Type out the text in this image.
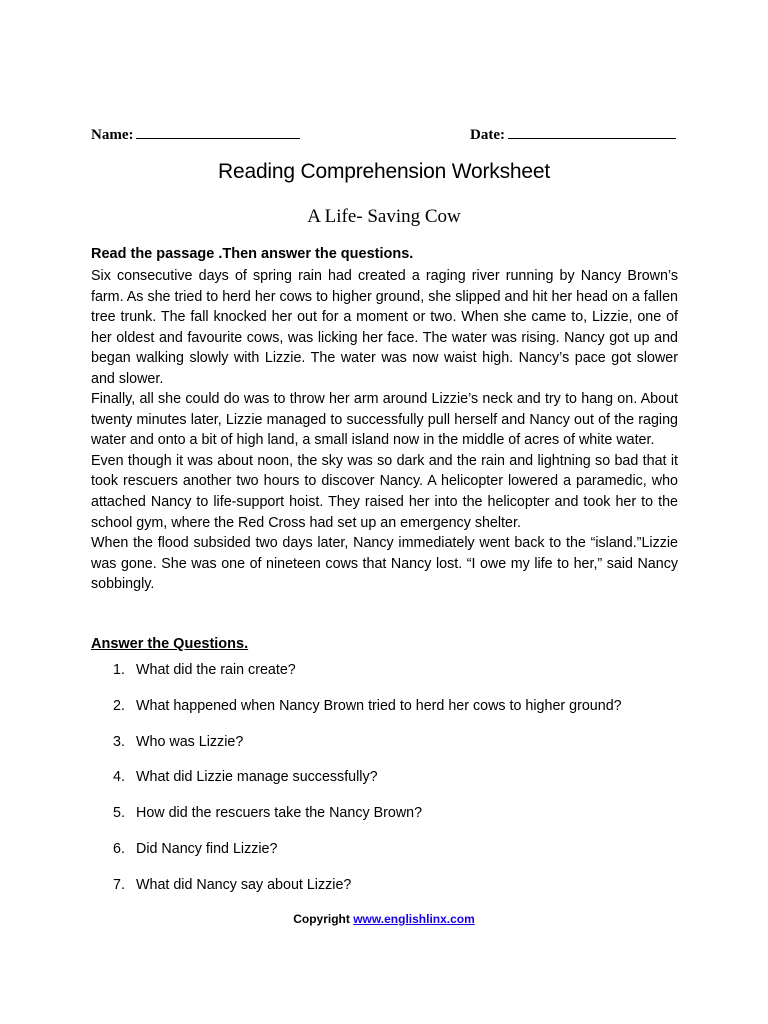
Name:	Date:
Reading Comprehension Worksheet
A Life- Saving Cow
Read the passage .Then answer the questions.

Six consecutive days of spring rain had created a raging river running by Nancy Brown’s farm. As she tried to herd her cows to higher ground, she slipped and hit her head on a fallen tree trunk. The fall knocked her out for a moment or two. When she came to, Lizzie, one of her oldest and favourite cows, was licking her face. The water was rising. Nancy got up and began walking slowly with Lizzie. The water was now waist high. Nancy’s pace got slower and slower.

Finally, all she could do was to throw her arm around Lizzie’s neck and try to hang on. About twenty minutes later, Lizzie managed to successfully pull herself and Nancy out of the raging water and onto a bit of high land, a small island now in the middle of acres of white water.

Even though it was about noon, the sky was so dark and the rain and lightning so bad that it took rescuers another two hours to discover Nancy. A helicopter lowered a paramedic, who attached Nancy to life-support hoist. They raised her into the helicopter and took her to the school gym, where the Red Cross had set up an emergency shelter.

When the flood subsided two days later, Nancy immediately went back to the “island.”Lizzie was gone. She was one of nineteen cows that Nancy lost. “I owe my life to her,” said Nancy sobbingly.

Answer the Questions.
1. What did the rain create?
2. What happened when Nancy Brown tried to herd her cows to higher ground?
3. Who was Lizzie?
4. What did Lizzie manage successfully?
5. How did the rescuers take the Nancy Brown?
6. Did Nancy find Lizzie?
7. What did Nancy say about Lizzie?
Copyright www.englishlinx.com
